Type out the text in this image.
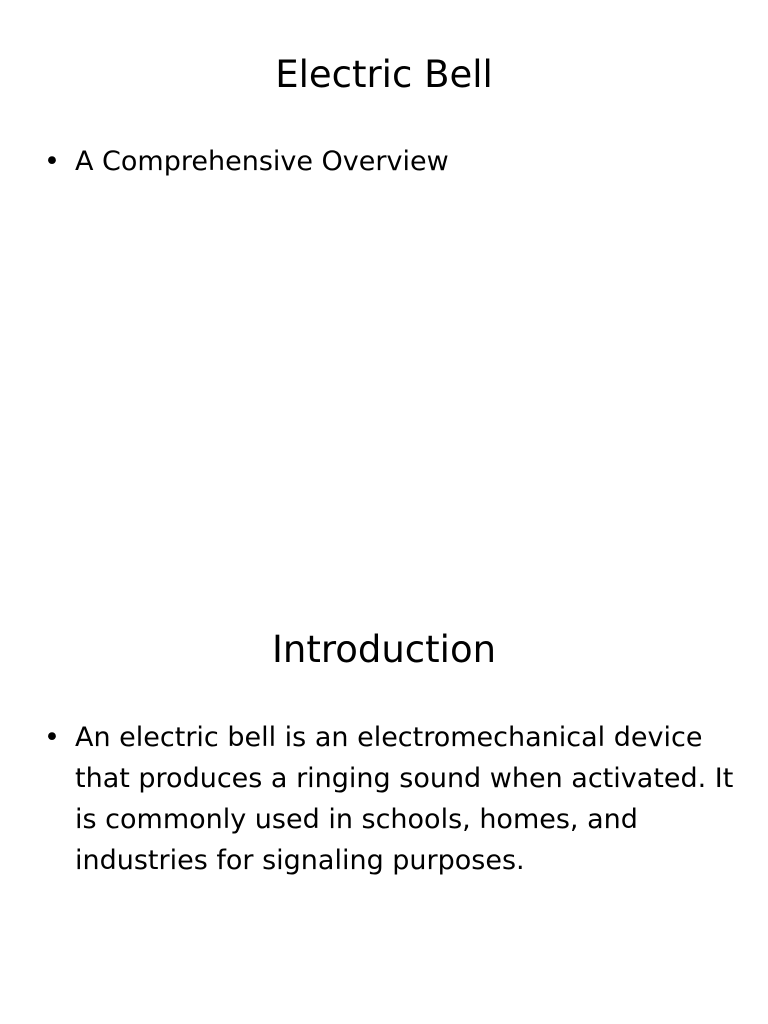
Electric Bell
• A Comprehensive Overview
Introduction
• An electric bell is an electromechanical device that produces a ringing sound when activated. It is commonly used in schools, homes, and industries for signaling purposes.
